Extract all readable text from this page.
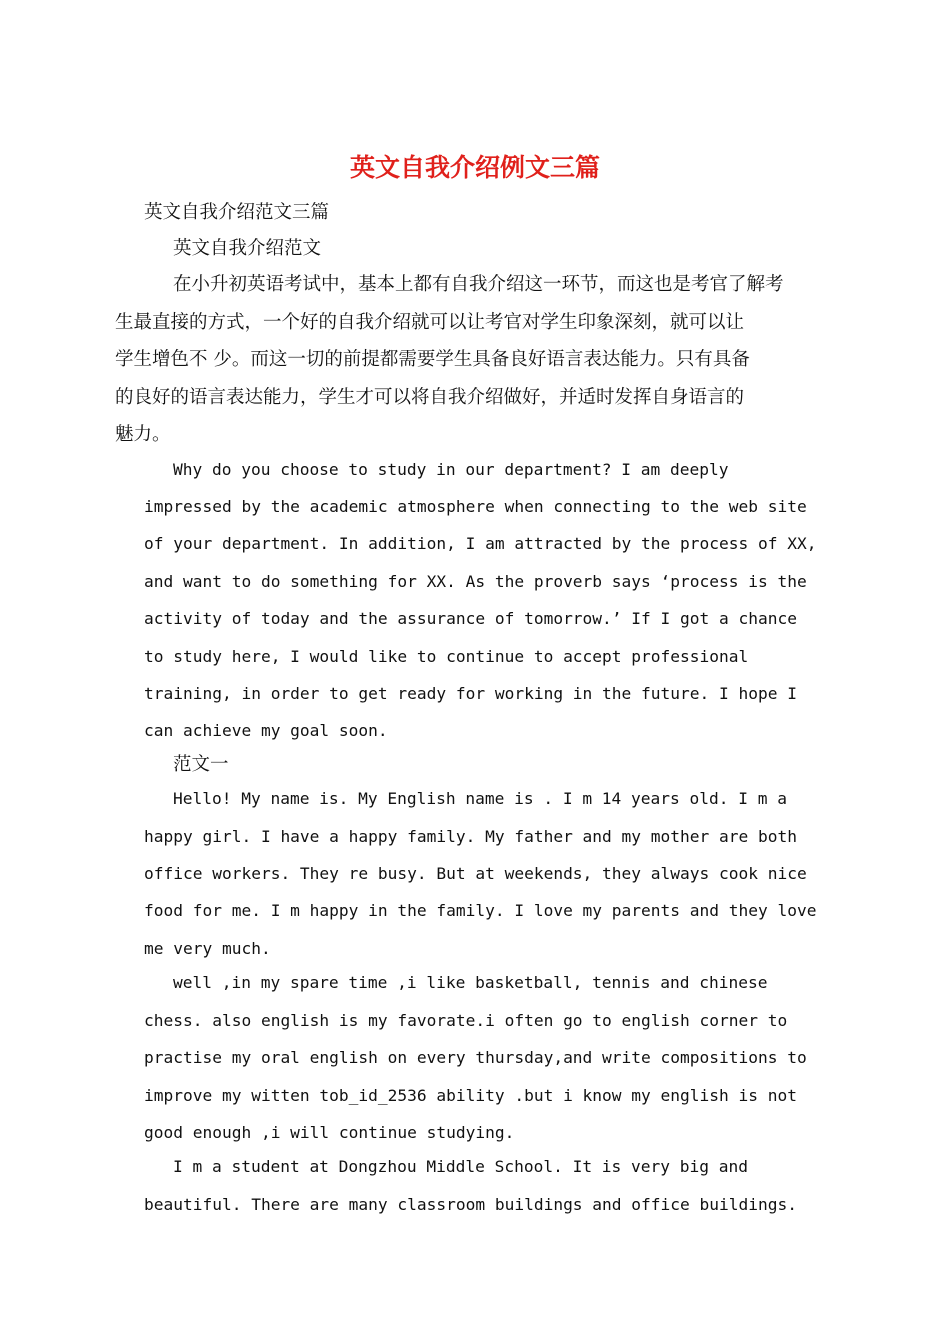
英文自我介绍例文三篇

英文自我介绍范文三篇

英文自我介绍范文

在小升初英语考试中，基本上都有自我介绍这一环节，而这也是考官了解考
生最直接的方式，一个好的自我介绍就可以让考官对学生印象深刻，就可以让
学生增色不 少。而这一切的前提都需要学生具备良好语言表达能力。只有具备
的良好的语言表达能力，学生才可以将自我介绍做好，并适时发挥自身语言的
魅力。

Why do you choose to study in our department? I am deeply
impressed by the academic atmosphere when connecting to the web site
of your department. In addition, I am attracted by the process of XX,
and want to do something for XX. As the proverb says ‘process is the
activity of today and the assurance of tomorrow.’ If I got a chance
to study here, I would like to continue to accept professional
training, in order to get ready for working in the future. I hope I
can achieve my goal soon.

范文一

Hello! My name is. My English name is . I m 14 years old. I m a
happy girl. I have a happy family. My father and my mother are both
office workers. They re busy. But at weekends, they always cook nice
food for me. I m happy in the family. I love my parents and they love
me very much.

well ,in my spare time ,i like basketball, tennis and chinese
chess. also english is my favorate.i often go to english corner to
practise my oral english on every thursday,and write compositions to
improve my witten tob_id_2536 ability .but i know my english is not
good enough ,i will continue studying.

I m a student at Dongzhou Middle School. It is very big and
beautiful. There are many classroom buildings and office buildings.
